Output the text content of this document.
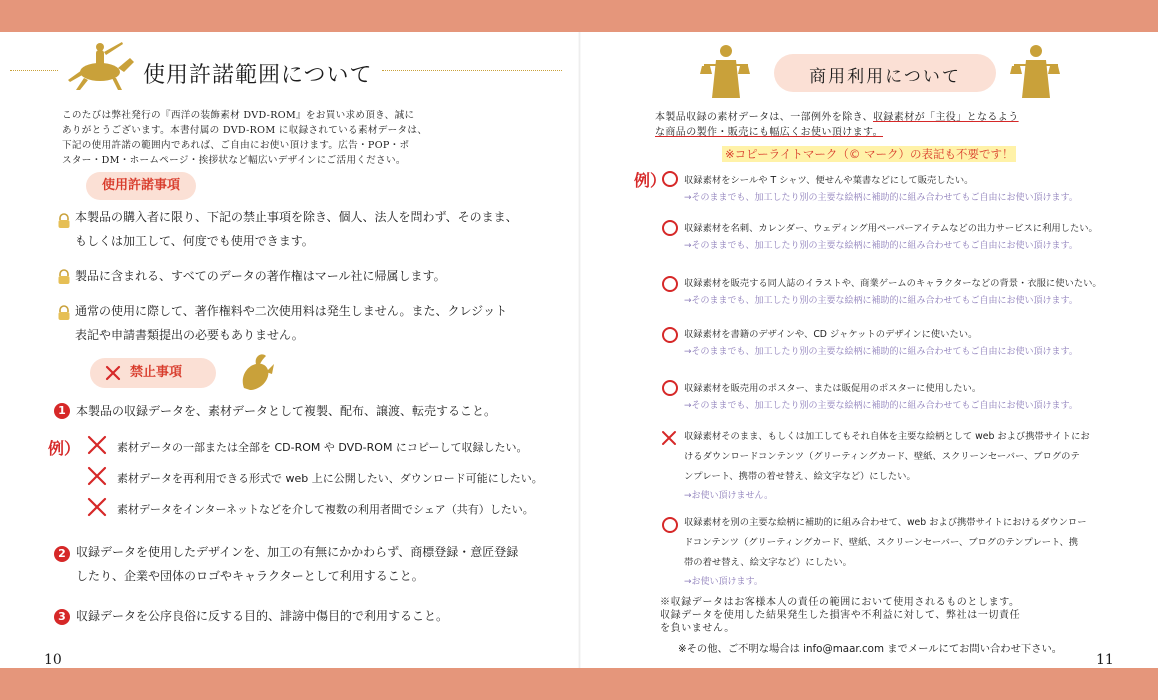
使用許諾範囲について
このたびは弊社発行の『西洋の装飾素材 DVD-ROM』をお買い求め頂き、誠に
ありがとうございます。本書付属の DVD-ROM に収録されている素材データは、
下記の使用許諾の範囲内であれば、ご自由にお使い頂けます。広告・POP・ポ
スター・DM・ホームページ・挨拶状など幅広いデザインにご活用ください。
使用許諾事項
本製品の購入者に限り、下記の禁止事項を除き、個人、法人を問わず、そのまま、
もしくは加工して、何度でも使用できます。
製品に含まれる、すべてのデータの著作権はマール社に帰属します。
通常の使用に際して、著作権料や二次使用料は発生しません。また、クレジット
表記や申請書類提出の必要もありません。
禁止事項
1 本製品の収録データを、素材データとして複製、配布、譲渡、転売すること。
例）	素材データの一部または全部を CD-ROM や DVD-ROM にコピーして収録したい。
素材データを再利用できる形式で web 上に公開したい、ダウンロード可能にしたい。
素材データをインターネットなどを介して複数の利用者間でシェア（共有）したい。
2 収録データを使用したデザインを、加工の有無にかかわらず、商標登録・意匠登録
したり、企業や団体のロゴやキャラクターとして利用すること。
3 収録データを公序良俗に反する目的、誹謗中傷目的で利用すること。
10
商用利用について
本製品収録の素材データは、一部例外を除き、収録素材が「主役」となるよう
な商品の製作・販売にも幅広くお使い頂けます。
※コピーライトマーク（© マーク）の表記も不要です！
例） 収録素材をシールや T シャツ、便せんや葉書などにして販売したい。
→そのままでも、加工したり別の主要な絵柄に補助的に組み合わせてもご自由にお使い頂けます。
収録素材を名刺、カレンダー、ウェディング用ペーパーアイテムなどの出力サービスに利用したい。
→そのままでも、加工したり別の主要な絵柄に補助的に組み合わせてもご自由にお使い頂けます。
収録素材を販売する同人誌のイラストや、商業ゲームのキャラクターなどの背景・衣服に使いたい。
→そのままでも、加工したり別の主要な絵柄に補助的に組み合わせてもご自由にお使い頂けます。
収録素材を書籍のデザインや、CD ジャケットのデザインに使いたい。
→そのままでも、加工したり別の主要な絵柄に補助的に組み合わせてもご自由にお使い頂けます。
収録素材を販売用のポスター、または販促用のポスターに使用したい。
→そのままでも、加工したり別の主要な絵柄に補助的に組み合わせてもご自由にお使い頂けます。
収録素材そのまま、もしくは加工してもそれ自体を主要な絵柄として web および携帯サイトにお
けるダウンロードコンテンツ（グリーティングカード、壁紙、スクリーンセーバー、ブログのテ
ンプレート、携帯の着せ替え、絵文字など）にしたい。
→お使い頂けません。
収録素材を別の主要な絵柄に補助的に組み合わせて、web および携帯サイトにおけるダウンロー
ドコンテンツ（グリーティングカード、壁紙、スクリーンセーバー、ブログのテンプレート、携
帯の着せ替え、絵文字など）にしたい。
→お使い頂けます。
※収録データはお客様本人の責任の範囲において使用されるものとします。
収録データを使用した結果発生した損害や不利益に対して、弊社は一切責任
を負いません。
※その他、ご不明な場合は info@maar.com までメールにてお問い合わせ下さい。
11
